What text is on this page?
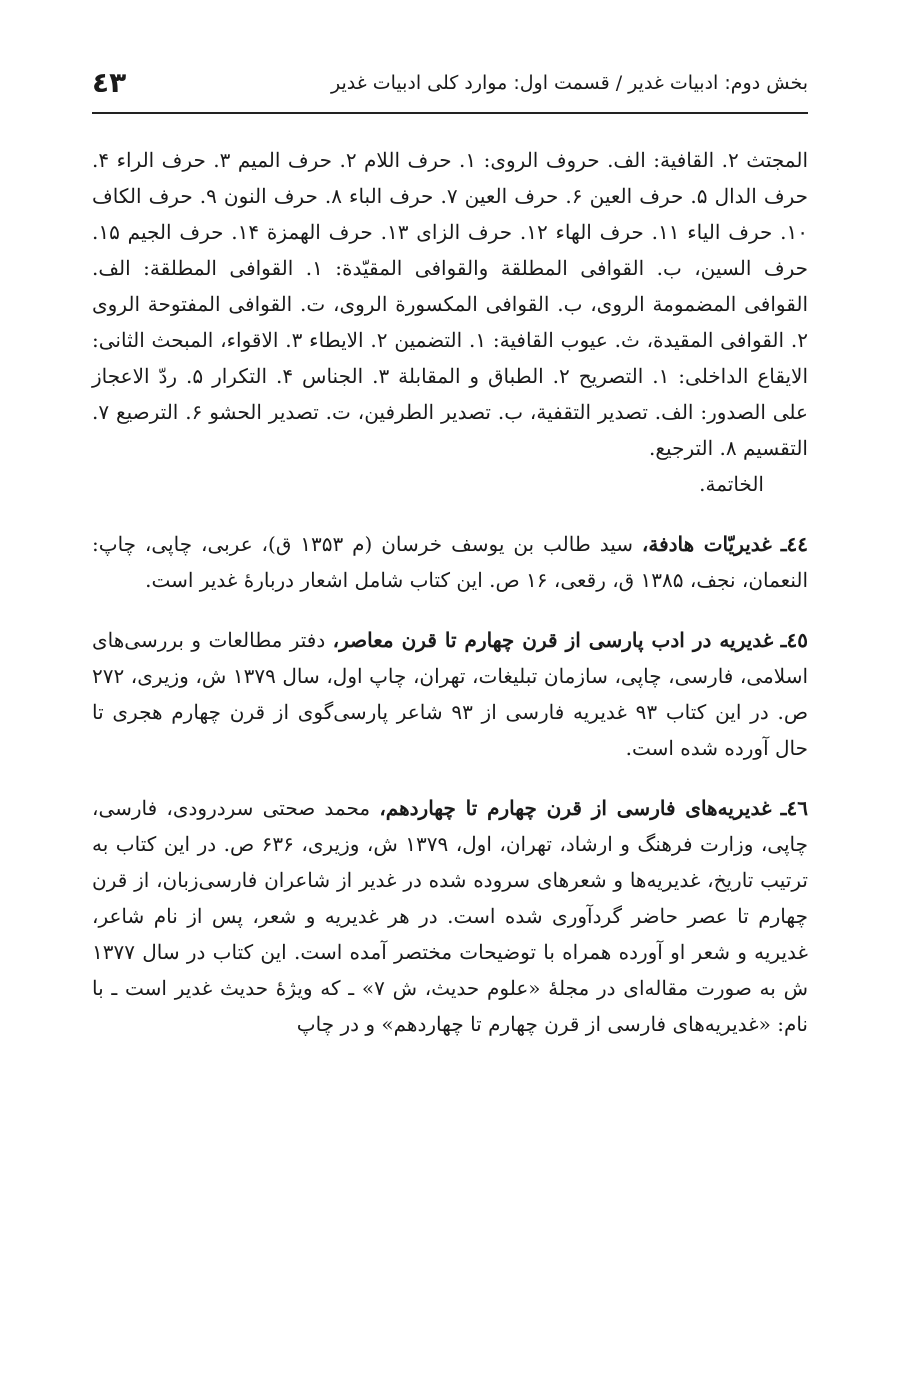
بخش دوم: ادبیات غدیر / قسمت اول: موارد کلی ادبیات غدیر
٤٣

المجتث ۲. القافیة: الف. حروف الروی: ۱. حرف اللام ۲. حرف المیم ۳. حرف الراء ۴. حرف الدال ۵. حرف العین ۶. حرف العین ۷. حرف الباء ۸. حرف النون ۹. حرف الکاف ۱۰. حرف الیاء ۱۱. حرف الهاء ۱۲. حرف الزای ۱۳. حرف الهمزة ۱۴. حرف الجیم ۱۵. حرف السین، ب. القوافی المطلقة والقوافی المقیّدة: ۱. القوافی المطلقة: الف. القوافی المضمومة الروی، ب. القوافی المکسورة الروی، ت. القوافی المفتوحة الروی ۲. القوافی المقیدة، ث. عیوب القافیة: ۱. التضمین ۲. الایطاء ۳. الاقواء، المبحث الثانی: الایقاع الداخلی: ۱. التصریح ۲. الطباق و المقابلة ۳. الجناس ۴. التکرار ۵. ردّ الاعجاز علی الصدور: الف. تصدیر التقفیة، ب. تصدیر الطرفین، ت. تصدیر الحشو ۶. الترصیع ۷. التقسیم ۸. الترجیع.

الخاتمة.

٤٤ـ غدیریّات هادفة، سید طالب بن یوسف خرسان (م ۱۳۵۳ ق)، عربی، چاپی، چاپ: النعمان، نجف، ۱۳۸۵ ق، رقعی، ۱۶ ص. این کتاب شامل اشعار دربارهٔ غدیر است.

٤٥ـ غدیریه در ادب پارسی از قرن چهارم تا قرن معاصر، دفتر مطالعات و بررسی‌های اسلامی، فارسی، چاپی، سازمان تبلیغات، تهران، چاپ اول، سال ۱۳۷۹ ش، وزیری، ۲۷۲ ص. در این کتاب ۹۳ غدیریه فارسی از ۹۳ شاعر پارسی‌گوی از قرن چهارم هجری تا حال آورده شده است.

٤٦ـ غدیریه‌های فارسی از قرن چهارم تا چهاردهم، محمد صحتی سردرودی، فارسی، چاپی، وزارت فرهنگ و ارشاد، تهران، اول، ۱۳۷۹ ش، وزیری، ۶۳۶ ص. در این کتاب به ترتیب تاریخ، غدیریه‌ها و شعرهای سروده شده در غدیر از شاعران فارسی‌زبان، از قرن چهارم تا عصر حاضر گردآوری شده است. در هر غدیریه و شعر، پس از نام شاعر، غدیریه و شعر او آورده همراه با توضیحات مختصر آمده است. این کتاب در سال ۱۳۷۷ ش به صورت مقاله‌ای در مجلهٔ «علوم حدیث، ش ۷» ـ که ویژهٔ حدیث غدیر است ـ با نام: «غدیریه‌های فارسی از قرن چهارم تا چهاردهم» و در چاپ
